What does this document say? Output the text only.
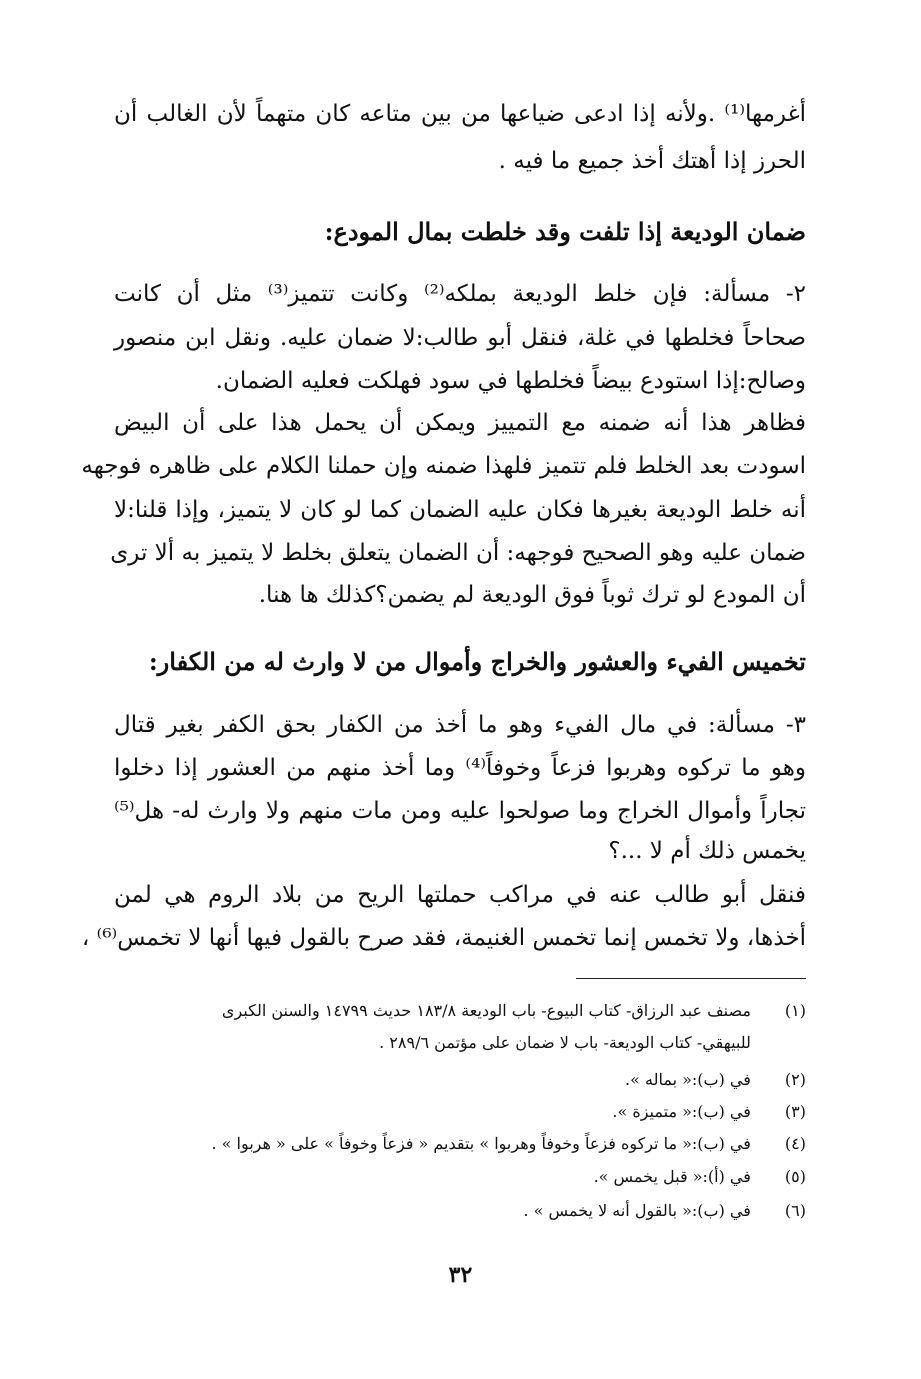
أغرمها⁽¹⁾ .ولأنه إذا ادعى ضياعها من بين متاعه كان متهماً لأن الغالب أن
الحرز إذا أهتك أخذ جميع ما فيه .
ضمان الوديعة إذا تلفت وقد خلطت بمال المودع:
٢- مسألة: فإن خلط الوديعة بملكه⁽²⁾ وكانت تتميز⁽³⁾ مثل أن كانت
صحاحاً فخلطها في غلة، فنقل أبو طالب:لا ضمان عليه. ونقل ابن منصور
وصالح:إذا استودع بيضاً فخلطها في سود فهلكت فعليه الضمان.
فظاهر هذا أنه ضمنه مع التمييز ويمكن أن يحمل هذا على أن البيض
اسودت بعد الخلط فلم تتميز فلهذا ضمنه وإن حملنا الكلام على ظاهره فوجهه
أنه خلط الوديعة بغيرها فكان عليه الضمان كما لو كان لا يتميز، وإذا قلنا:لا
ضمان عليه وهو الصحيح فوجهه: أن الضمان يتعلق بخلط لا يتميز به ألا ترى
أن المودع لو ترك ثوباً فوق الوديعة لم يضمن؟كذلك ها هنا.
تخميس الفيء والعشور والخراج وأموال من لا وارث له من الكفار:
٣- مسألة: في مال الفيء وهو ما أخذ من الكفار بحق الكفر بغير قتال
وهو ما تركوه وهربوا فزعاً وخوفاً⁽⁴⁾ وما أخذ منهم من العشور إذا دخلوا
تجاراً وأموال الخراج وما صولحوا عليه ومن مات منهم ولا وارث له- هل⁽⁵⁾
يخمس ذلك أم لا ...؟
فنقل أبو طالب عنه في مراكب حملتها الريح من بلاد الروم هي لمن
أخذها، ولا تخمس إنما تخمس الغنيمة، فقد صرح بالقول فيها أنها لا تخمس⁽⁶⁾ ،
(١) مصنف عبد الرزاق- كتاب البيوع- باب الوديعة ١٨٣/٨ حديث ١٤٧٩٩ والسنن الكبرى
للبيهقي- كتاب الوديعة- باب لا ضمان على مؤتمن ٢٨٩/٦ .
(٢) في (ب):« بماله ».
(٣) في (ب):« متميزة ».
(٤) في (ب):« ما تركوه فزعاً وخوفاً وهربوا » بتقديم « فزعاً وخوفاً » على « هربوا » .
(٥) في (أ):« قبل يخمس ».
(٦) في (ب):« بالقول أنه لا يخمس » .
٣٢
